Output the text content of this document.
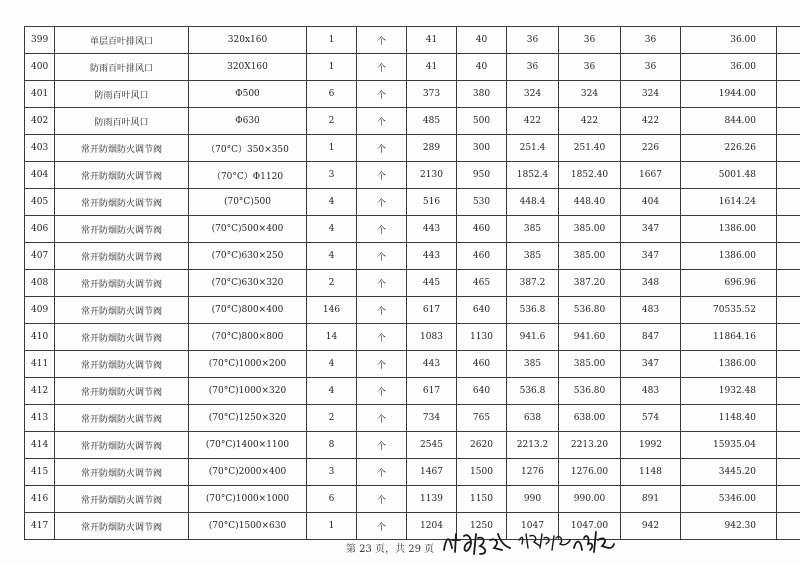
399	单层百叶排风口	320x160	1	个	41	40	36	36	36	36.00	
400	防雨百叶排风口	320X160	1	个	41	40	36	36	36	36.00	
401	防雨百叶风口	Φ500	6	个	373	380	324	324	324	1944.00	
402	防雨百叶风口	Φ630	2	个	485	500	422	422	422	844.00	
403	常开防烟防火调节阀	（70°C）350×350	1	个	289	300	251.4	251.40	226	226.26	
404	常开防烟防火调节阀	（70°C）Φ1120	3	个	2130	950	1852.4	1852.40	1667	5001.48	
405	常开防烟防火调节阀	(70°C)500	4	个	516	530	448.4	448.40	404	1614.24	
406	常开防烟防火调节阀	(70°C)500×400	4	个	443	460	385	385.00	347	1386.00	
407	常开防烟防火调节阀	(70°C)630×250	4	个	443	460	385	385.00	347	1386.00	
408	常开防烟防火调节阀	(70°C)630×320	2	个	445	465	387.2	387.20	348	696.96	
409	常开防烟防火调节阀	(70°C)800×400	146	个	617	640	536.8	536.80	483	70535.52	
410	常开防烟防火调节阀	(70°C)800×800	14	个	1083	1130	941.6	941.60	847	11864.16	
411	常开防烟防火调节阀	(70°C)1000×200	4	个	443	460	385	385.00	347	1386.00	
412	常开防烟防火调节阀	(70°C)1000×320	4	个	617	640	536.8	536.80	483	1932.48	
413	常开防烟防火调节阀	(70°C)1250×320	2	个	734	765	638	638.00	574	1148.40	
414	常开防烟防火调节阀	(70°C)1400×1100	8	个	2545	2620	2213.2	2213.20	1992	15935.04	
415	常开防烟防火调节阀	(70°C)2000×400	3	个	1467	1500	1276	1276.00	1148	3445.20	
416	常开防烟防火调节阀	(70°C)1000×1000	6	个	1139	1150	990	990.00	891	5346.00	
417	常开防烟防火调节阀	(70°C)1500×630	1	个	1204	1250	1047	1047.00	942	942.30	
第 23 页，共 29 页
